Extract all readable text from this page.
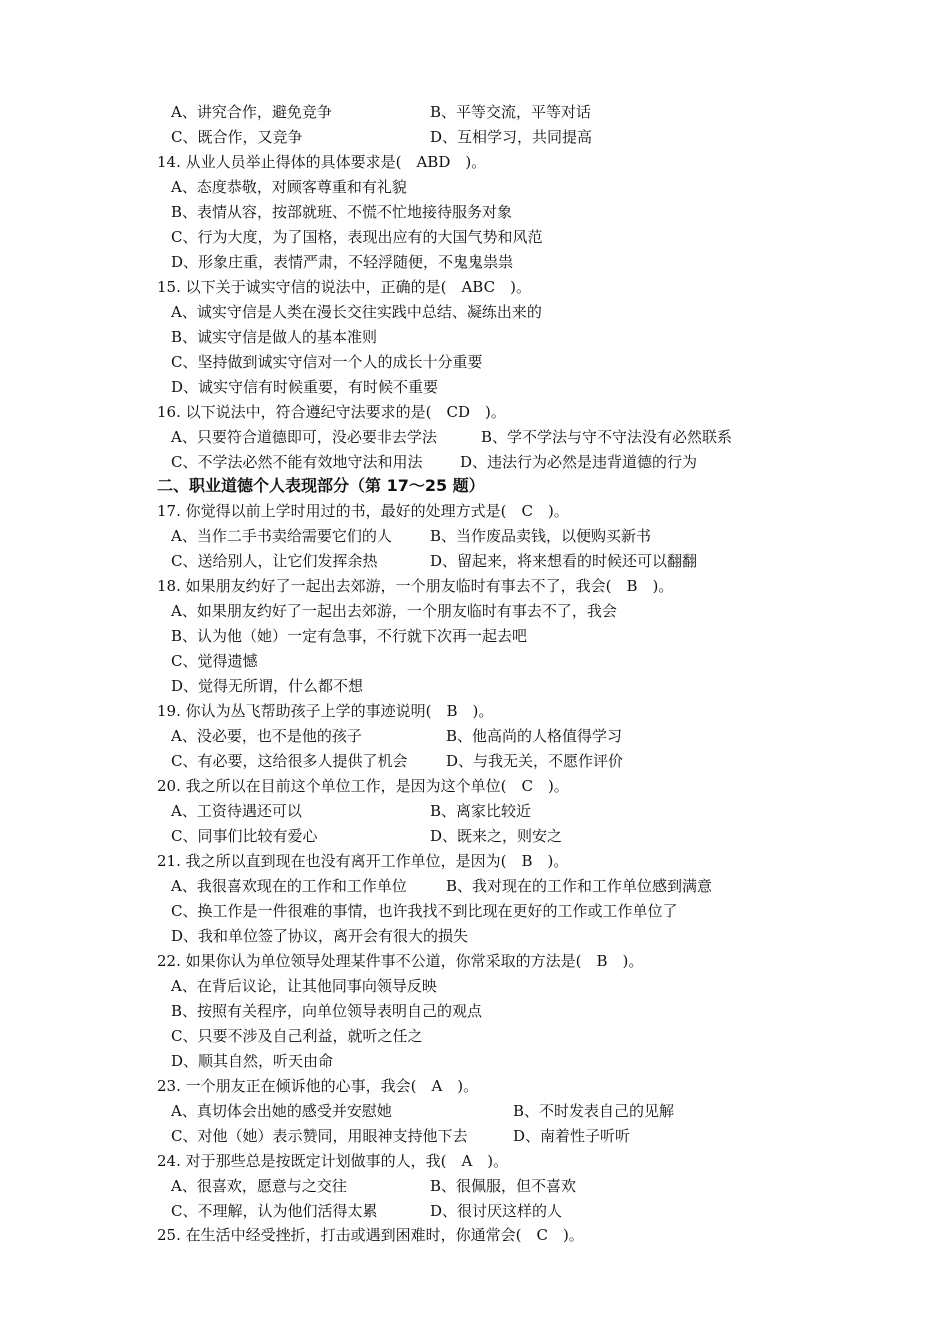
A、讲究合作，避免竞争	B、平等交流，平等对话
C、既合作，又竞争	D、互相学习，共同提高
14. 从业人员举止得体的具体要求是(　ABD　)。
A、态度恭敬，对顾客尊重和有礼貌
B、表情从容，按部就班、不慌不忙地接待服务对象
C、行为大度，为了国格，表现出应有的大国气势和风范
D、形象庄重，表情严肃，不轻浮随便，不鬼鬼祟祟
15. 以下关于诚实守信的说法中，正确的是(　ABC　)。
A、诚实守信是人类在漫长交往实践中总结、凝练出来的
B、诚实守信是做人的基本准则
C、坚持做到诚实守信对一个人的成长十分重要
D、诚实守信有时候重要，有时候不重要
16. 以下说法中，符合遵纪守法要求的是(　CD　)。
A、只要符合道德即可，没必要非去学法	B、学不学法与守不守法没有必然联系
C、不学法必然不能有效地守法和用法	D、违法行为必然是违背道德的行为
二、职业道德个人表现部分（第 17～25 题）
17. 你觉得以前上学时用过的书，最好的处理方式是(　C　)。
A、当作二手书卖给需要它们的人	B、当作废品卖钱，以便购买新书
C、送给别人，让它们发挥余热	D、留起来，将来想看的时候还可以翻翻
18. 如果朋友约好了一起出去郊游，一个朋友临时有事去不了，我会(　B　)。
A、如果朋友约好了一起出去郊游，一个朋友临时有事去不了，我会
B、认为他（她）一定有急事，不行就下次再一起去吧
C、觉得遗憾
D、觉得无所谓，什么都不想
19. 你认为丛飞帮助孩子上学的事迹说明(　B　)。
A、没必要，也不是他的孩子	B、他高尚的人格值得学习
C、有必要，这给很多人提供了机会	D、与我无关，不愿作评价
20. 我之所以在目前这个单位工作，是因为这个单位(　C　)。
A、工资待遇还可以	B、离家比较近
C、同事们比较有爱心	D、既来之，则安之
21. 我之所以直到现在也没有离开工作单位，是因为(　B　)。
A、我很喜欢现在的工作和工作单位	B、我对现在的工作和工作单位感到满意
C、换工作是一件很难的事情，也许我找不到比现在更好的工作或工作单位了
D、我和单位签了协议，离开会有很大的损失
22. 如果你认为单位领导处理某件事不公道，你常采取的方法是(　B　)。
A、在背后议论，让其他同事向领导反映
B、按照有关程序，向单位领导表明自己的观点
C、只要不涉及自己利益，就听之任之
D、顺其自然，听天由命
23. 一个朋友正在倾诉他的心事，我会(　A　)。
A、真切体会出她的感受并安慰她	B、不时发表自己的见解
C、对他（她）表示赞同，用眼神支持他下去	D、南着性子听听
24. 对于那些总是按既定计划做事的人，我(　A　)。
A、很喜欢，愿意与之交往	B、很佩服，但不喜欢
C、不理解，认为他们活得太累	D、很讨厌这样的人
25. 在生活中经受挫折，打击或遇到困难时，你通常会(　C　)。
